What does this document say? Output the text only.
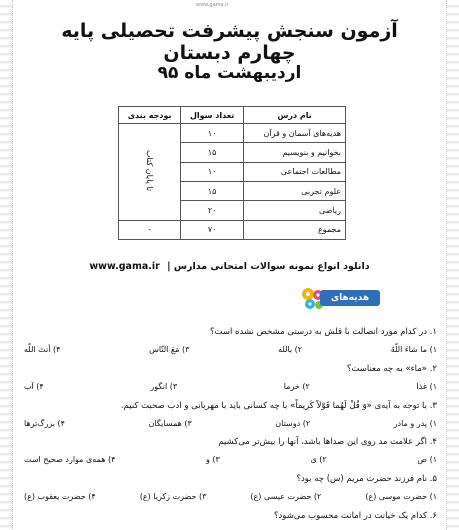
www.gama.ir
آزمون سنجش پیشرفت تحصیلی پایه چهارم دبستان
اردیبهشت ماه ۹۵
نام درس	تعداد سوال	بودجه بندی
هدیه‌های آسمان و قرآن	۱۰	تا پایان کتاب
بخوانیم و بنویسیم	۱۵	
مطالعات اجتماعی	۱۰	
علوم تجربی	۱۵	
ریاضی	۲۰	
مجموع	۷۰	-
دانلود انواع نمونه سوالات امتحانی مدارس | www.gama.ir
هدیه‌های آسمان
۱. در کدام مورد انصالت با قلش به درستی مشخص نشده است؟
۱) ما شاءَ اللّهُ
۲) بالله
۳) مَعَ النّاس
۴) أنتَ اللّه
۲. «ماء» به چه معناست؟
۱) غذا
۲) خرما
۳) انگور
۴) آب
۳. با توجه به آیه‌ی «وَ قُلْ لَهُما قَوْلاً کَریماً» با چه کسانی باید با مهربانی و ادب صحبت کنیم.
۱) پدر و مادر
۲) دوستان
۳) همسایگان
۴) بزرگ‌ترها
۴. اگر علامت مد روی این صداها باشد، آنها را بیش‌تر می‌کشیم
۱) ص
۲) ی
۳) و
۴) همه‌ی موارد صحیح است
۵. نام فرزند حضرت مریم (س) چه بود؟
۱) حضرت موسی (ع)
۲) حضرت عیسی (ع)
۳) حضرت زکریا (ع)
۴) حضرت یعقوب (ع)
۶. کدام یک خیانت در امانت محسوب می‌شود؟
